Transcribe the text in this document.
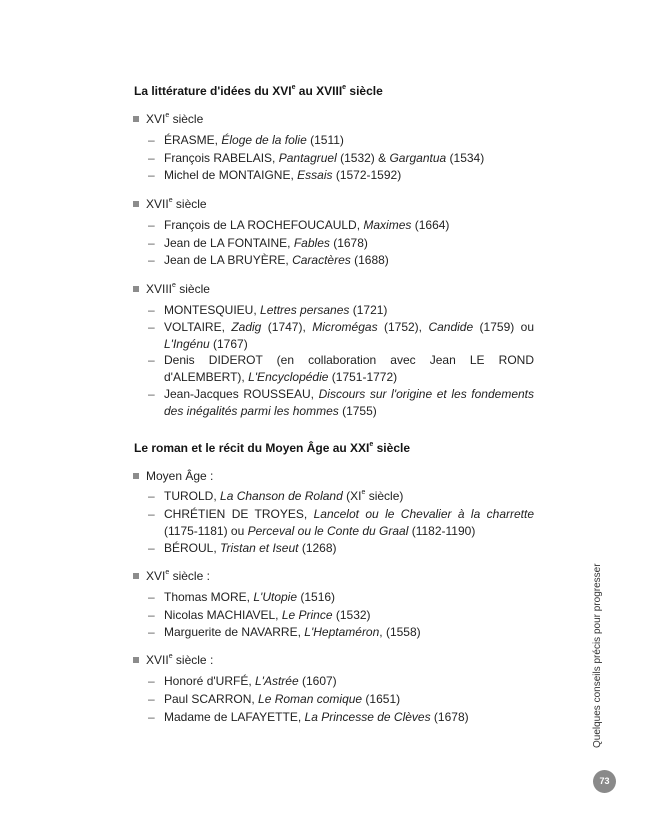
La littérature d'idées du XVIe au XVIIIe siècle
XVIe siècle
– ÉRASME, Éloge de la folie (1511)
– François RABELAIS, Pantagruel (1532) & Gargantua (1534)
– Michel de MONTAIGNE, Essais (1572-1592)
XVIIe siècle
– François de LA ROCHEFOUCAULD, Maximes (1664)
– Jean de LA FONTAINE, Fables (1678)
– Jean de LA BRUYÈRE, Caractères (1688)
XVIIIe siècle
– MONTESQUIEU, Lettres persanes (1721)
– VOLTAIRE, Zadig (1747), Micromégas (1752), Candide (1759) ou L'Ingénu (1767)
– Denis DIDEROT (en collaboration avec Jean LE ROND d'ALEMBERT), L'Encyclopédie (1751-1772)
– Jean-Jacques ROUSSEAU, Discours sur l'origine et les fondements des inégalités parmi les hommes (1755)
Le roman et le récit du Moyen Âge au XXIe siècle
Moyen Âge :
– TUROLD, La Chanson de Roland (XIe siècle)
– CHRÉTIEN DE TROYES, Lancelot ou le Chevalier à la charrette (1175-1181) ou Perceval ou le Conte du Graal (1182-1190)
– BÉROUL, Tristan et Iseut (1268)
XVIe siècle :
– Thomas MORE, L'Utopie (1516)
– Nicolas MACHIAVEL, Le Prince (1532)
– Marguerite de NAVARRE, L'Heptaméron, (1558)
XVIIe siècle :
– Honoré d'URFÉ, L'Astrée (1607)
– Paul SCARRON, Le Roman comique (1651)
– Madame de LAFAYETTE, La Princesse de Clèves (1678)	Quelques conseils précis pour progresser
73
